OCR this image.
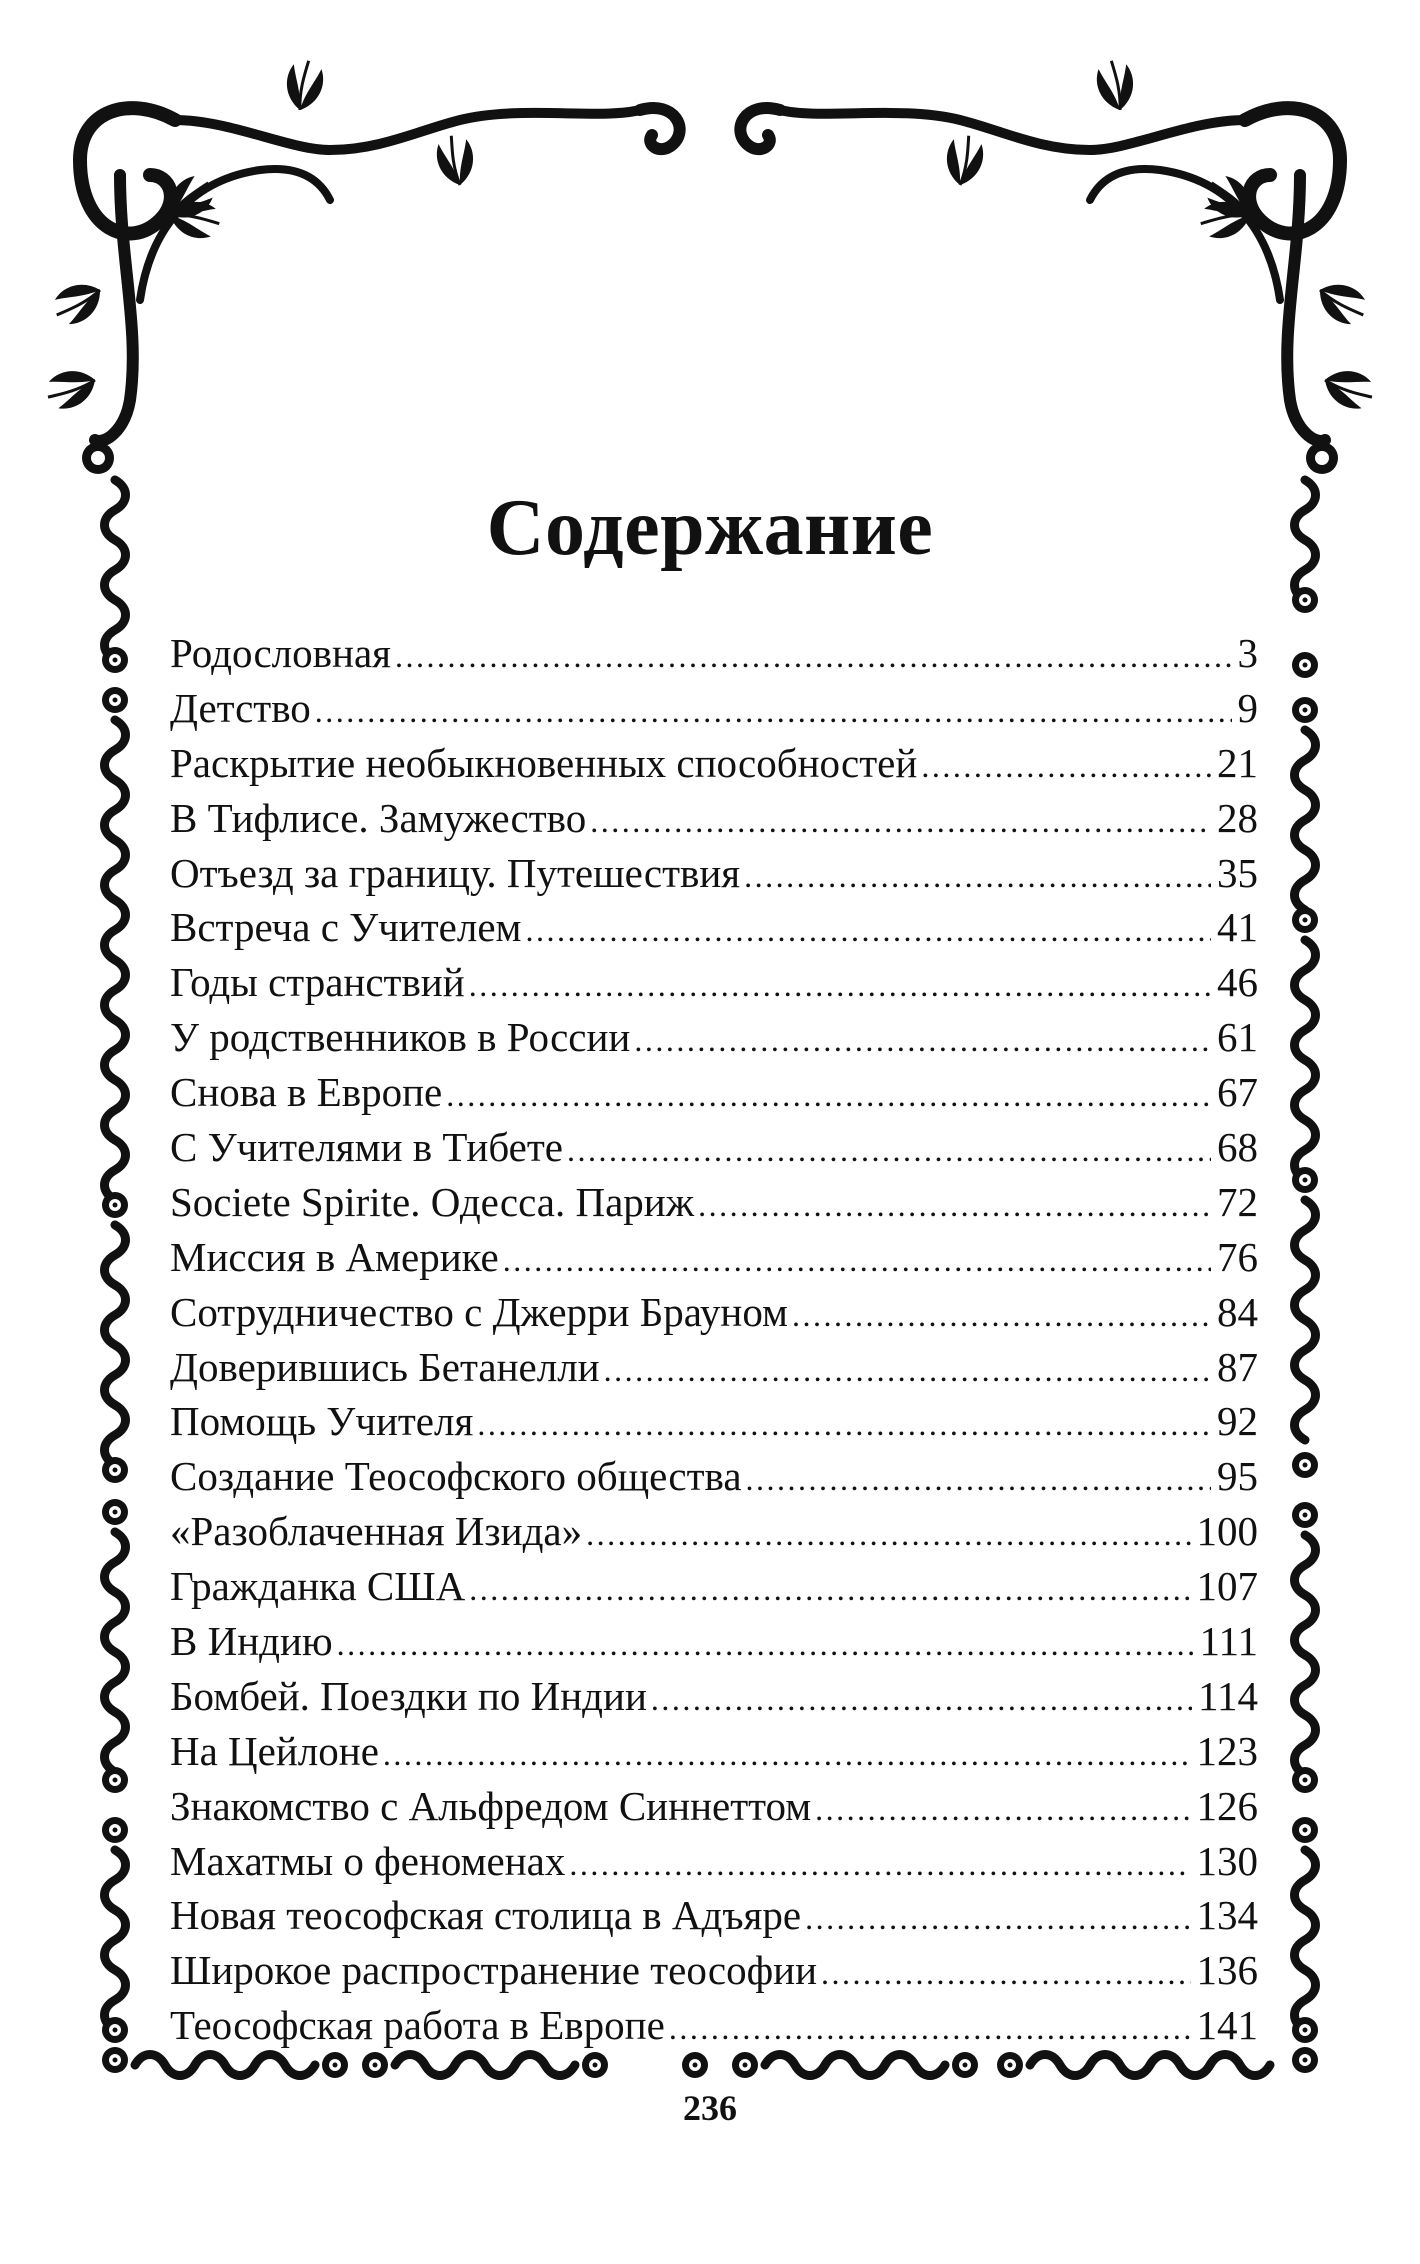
Содержание
Родословная .....	3
Детство .....	9
Раскрытие необыкновенных способностей .....	21
В Тифлисе. Замужество .....	28
Отъезд за границу. Путешествия .....	35
Встреча с Учителем .....	41
Годы странствий .....	46
У родственников в России .....	61
Снова в Европе .....	67
С Учителями в Тибете .....	68
Societe Spirite. Одесса. Париж .....	72
Миссия в Америке .....	76
Сотрудничество с Джерри Брауном .....	84
Доверившись Бетанелли .....	87
Помощь Учителя .....	92
Создание Теософского общества .....	95
«Разоблаченная Изида» .....	100
Гражданка США .....	107
В Индию .....	111
Бомбей. Поездки по Индии .....	114
На Цейлоне .....	123
Знакомство с Альфредом Синнеттом .....	126
Махатмы о феноменах .....	130
Новая теософская столица в Адъяре .....	134
Широкое распространение теософии .....	136
Теософская работа в Европе .....	141
236
